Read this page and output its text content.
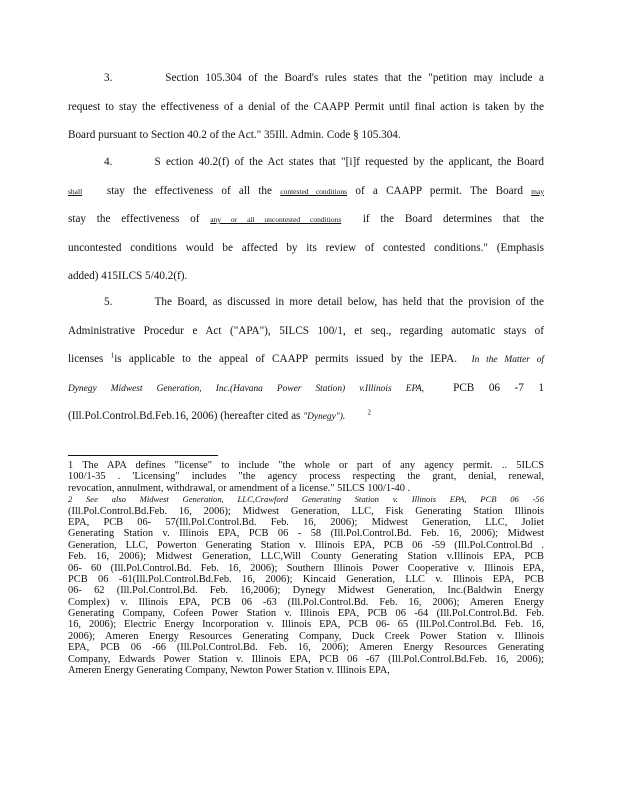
3.	Section 105.304 of the Board's rules states that the "petition may include a
request to stay the effectiveness of a denial of the CAAPP Permit until final action is taken by the
Board pursuant to Section 40.2 of the Act." 35Ill. Admin. Code § 105.304.
4.	S ection 40.2(f) of the Act states that "[i]f requested by the applicant, the Board
shall stay the effectiveness of all the contested conditions of a CAAPP permit. The Board may
stay the effectiveness of any or all uncontested conditions if the Board determines that the
uncontested conditions would be affected by its review of contested conditions." (Emphasis
added) 415ILCS 5/40.2(f).
5.	The Board, as discussed in more detail below, has held that the provision of the
Administrative Procedur e Act ("APA"), 5ILCS 100/1, et seq., regarding automatic stays of
licenses $^1$is applicable to the appeal of CAAPP permits issued by the IEPA. In the Matter of
Dynegy Midwest Generation, Inc.(Havana Power Station) v.Illinois EPA,	PCB 06 -7 1
(Ill.Pol.Control.Bd.Feb.16, 2006) (hereafter cited as "Dynegy").	$^2$
1 The APA defines "license" to include "the whole or part of any agency permit. .. 5ILCS
100/1-35 . 'Licensing" includes "the agency process respecting the grant, denial, renewal,
revocation, annulment, withdrawal, or amendment of a license." 5ILCS 100/1-40 .
2 See also Midwest Generation, LLC,Crawford Generating Station v. Illinois EPA, PCB 06 -56
(Ill.Pol.Control.Bd.Feb. 16, 2006); Midwest Generation, LLC, Fisk Generating Station Illinois
EPA, PCB 06- 57(Ill.Pol.Control.Bd. Feb. 16, 2006); Midwest Generation, LLC, Joliet
Generating Station v. Illinois EPA, PCB 06 - 58 (Ill.Pol.Control.Bd. Feb. 16, 2006); Midwest
Generation, LLC, Powerton Generating Station v. Illinois EPA, PCB 06 -59 (Ill.Pol.Control.Bd .
Feb. 16, 2006); Midwest Generation, LLC,Will County Generating Station v.Illinois EPA, PCB
06- 60 (Ill.Pol.Control.Bd. Feb. 16, 2006); Southern Illinois Power Cooperative v. Illinois EPA,
PCB 06 -61(Ill.Pol.Control.Bd.Feb. 16, 2006); Kincaid Generation, LLC v. Illinois EPA, PCB
06- 62 (Ill.Pol.Control.Bd. Feb. 16,2006); Dynegy Midwest Generation, Inc.(Baldwin Energy
Complex) v. Illinois EPA, PCB 06 -63 (Ill.Pol.Control.Bd. Feb. 16, 2006); Ameren Energy
Generating Company, Cofeen Power Station v. Illinois EPA, PCB 06 -64 (Ill.Pol.Control.Bd. Feb.
16, 2006); Electric Energy Incorporation v. Illinois EPA, PCB 06- 65 (Ill.Pol.Control.Bd. Feb. 16,
2006); Ameren Energy Resources Generating Company, Duck Creek Power Station v. Illinois
EPA, PCB 06 -66 (Ill.Pol.Control.Bd. Feb. 16, 2006); Ameren Energy Resources Generating
Company, Edwards Power Station v. Illinois EPA, PCB 06 -67 (Ill.Pol.Control.Bd.Feb. 16, 2006);
Ameren Energy Generating Company, Newton Power Station v. Illinois EPA,
